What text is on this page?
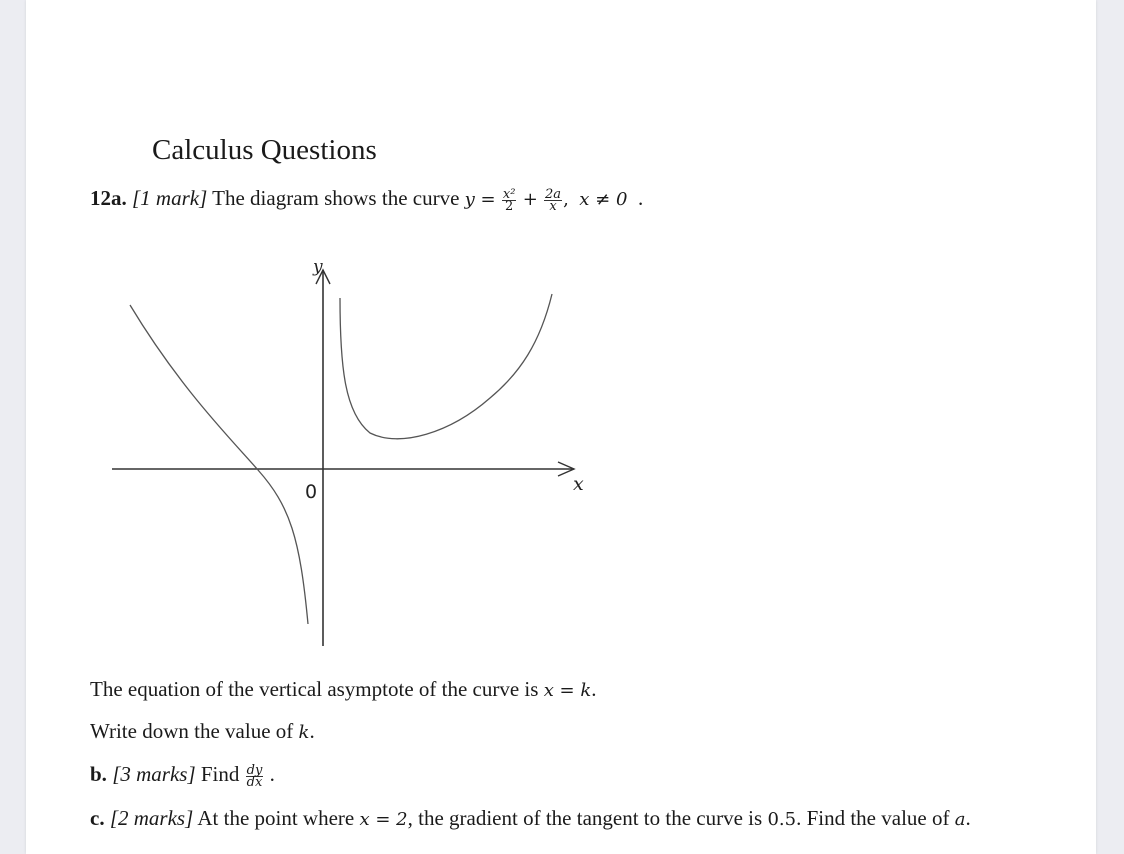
Calculus Questions
12a. [1 mark] The diagram shows the curve $y = \frac{\text{x²}}{2} + \frac{2a}{x}$ , x ≠ 0 .
y
x
0
The equation of the vertical asymptote of the curve is x = k.
Write down the value of k.
b. [3 marks] Find $\frac{dy}{dx}$ .
c. [2 marks] At the point where x = 2, the gradient of the tangent to the curve is 0.5. Find the value of a.
